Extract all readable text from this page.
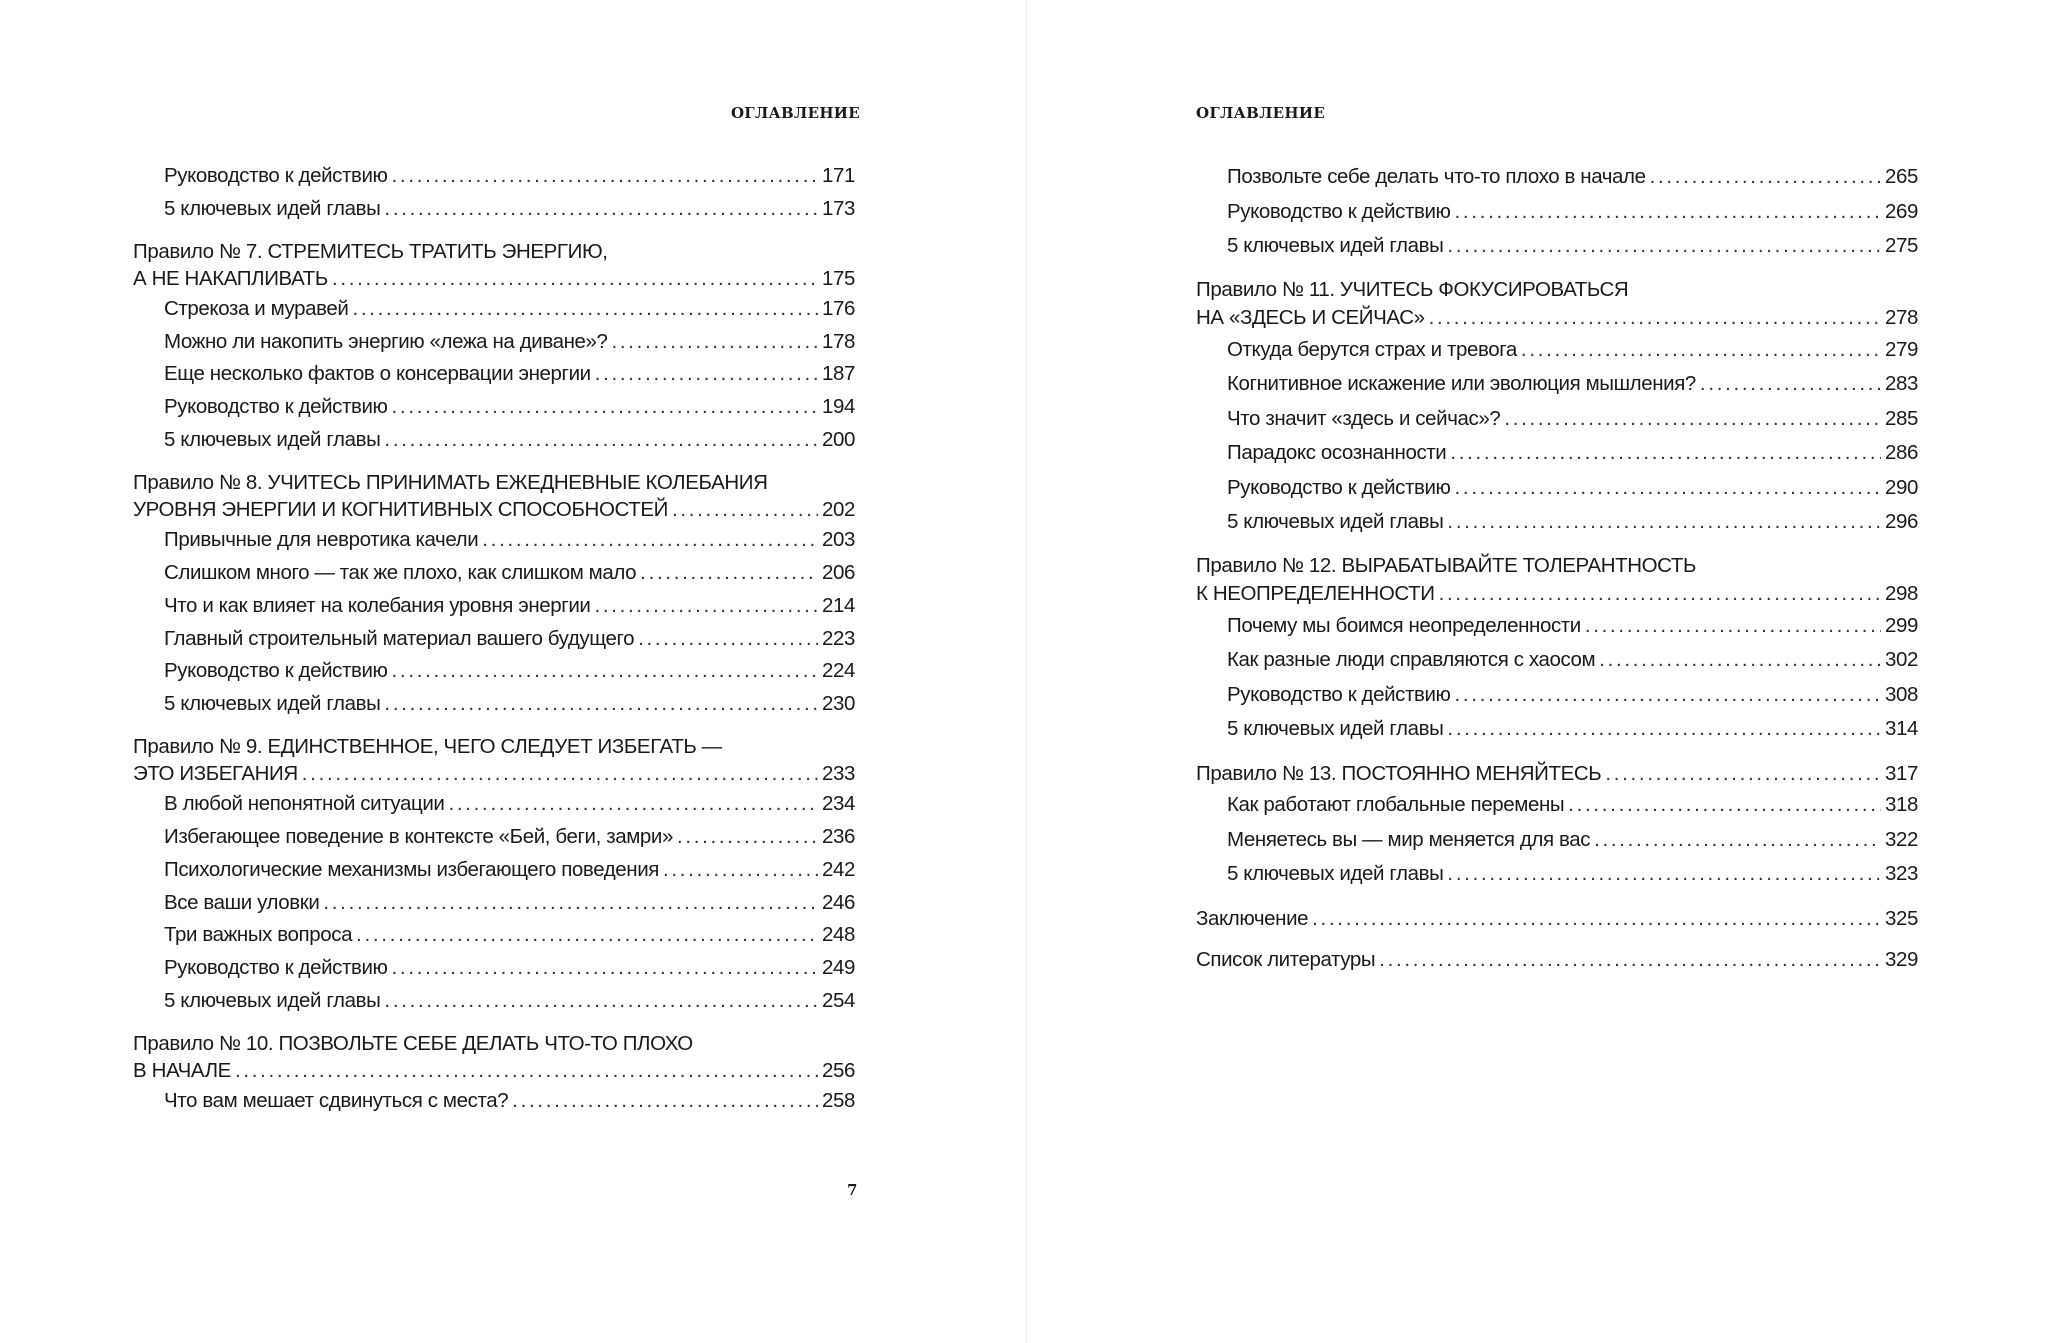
ОГЛАВЛЕНИЕ
Руководство к действию . . .	171
5 ключевых идей главы . . .	173
Правило № 7. СТРЕМИТЕСЬ ТРАТИТЬ ЭНЕРГИЮ,
А НЕ НАКАПЛИВАТЬ . . .	175
Стрекоза и муравей . . .	176
Можно ли накопить энергию «лежа на диване»? . . .	178
Еще несколько фактов о консервации энергии . . .	187
Руководство к действию . . .	194
5 ключевых идей главы . . .	200
Правило № 8. УЧИТЕСЬ ПРИНИМАТЬ ЕЖЕДНЕВНЫЕ КОЛЕБАНИЯ
УРОВНЯ ЭНЕРГИИ И КОГНИТИВНЫХ СПОСОБНОСТЕЙ . . .	202
Привычные для невротика качели . . .	203
Слишком много — так же плохо, как слишком мало . . .	206
Что и как влияет на колебания уровня энергии . . .	214
Главный строительный материал вашего будущего . . .	223
Руководство к действию . . .	224
5 ключевых идей главы . . .	230
Правило № 9. ЕДИНСТВЕННОЕ, ЧЕГО СЛЕДУЕТ ИЗБЕГАТЬ —
ЭТО ИЗБЕГАНИЯ . . .	233
В любой непонятной ситуации . . .	234
Избегающее поведение в контексте «Бей, беги, замри» . . .	236
Психологические механизмы избегающего поведения . . .	242
Все ваши уловки . . .	246
Три важных вопроса . . .	248
Руководство к действию . . .	249
5 ключевых идей главы . . .	254
Правило № 10. ПОЗВОЛЬТЕ СЕБЕ ДЕЛАТЬ ЧТО-ТО ПЛОХО
В НАЧАЛЕ . . .	256
Что вам мешает сдвинуться с места? . . .	258
7
ОГЛАВЛЕНИЕ
Позвольте себе делать что-то плохо в начале . . .	265
Руководство к действию . . .	269
5 ключевых идей главы . . .	275
Правило № 11. УЧИТЕСЬ ФОКУСИРОВАТЬСЯ
НА «ЗДЕСЬ И СЕЙЧАС» . . .	278
Откуда берутся страх и тревога . . .	279
Когнитивное искажение или эволюция мышления? . . .	283
Что значит «здесь и сейчас»? . . .	285
Парадокс осознанности . . .	286
Руководство к действию . . .	290
5 ключевых идей главы . . .	296
Правило № 12. ВЫРАБАТЫВАЙТЕ ТОЛЕРАНТНОСТЬ
К НЕОПРЕДЕЛЕННОСТИ . . .	298
Почему мы боимся неопределенности . . .	299
Как разные люди справляются с хаосом . . .	302
Руководство к действию . . .	308
5 ключевых идей главы . . .	314
Правило № 13. ПОСТОЯННО МЕНЯЙТЕСЬ . . .	317
Как работают глобальные перемены . . .	318
Меняетесь вы — мир меняется для вас . . .	322
5 ключевых идей главы . . .	323
Заключение . . .	325
Список литературы . . .	329
